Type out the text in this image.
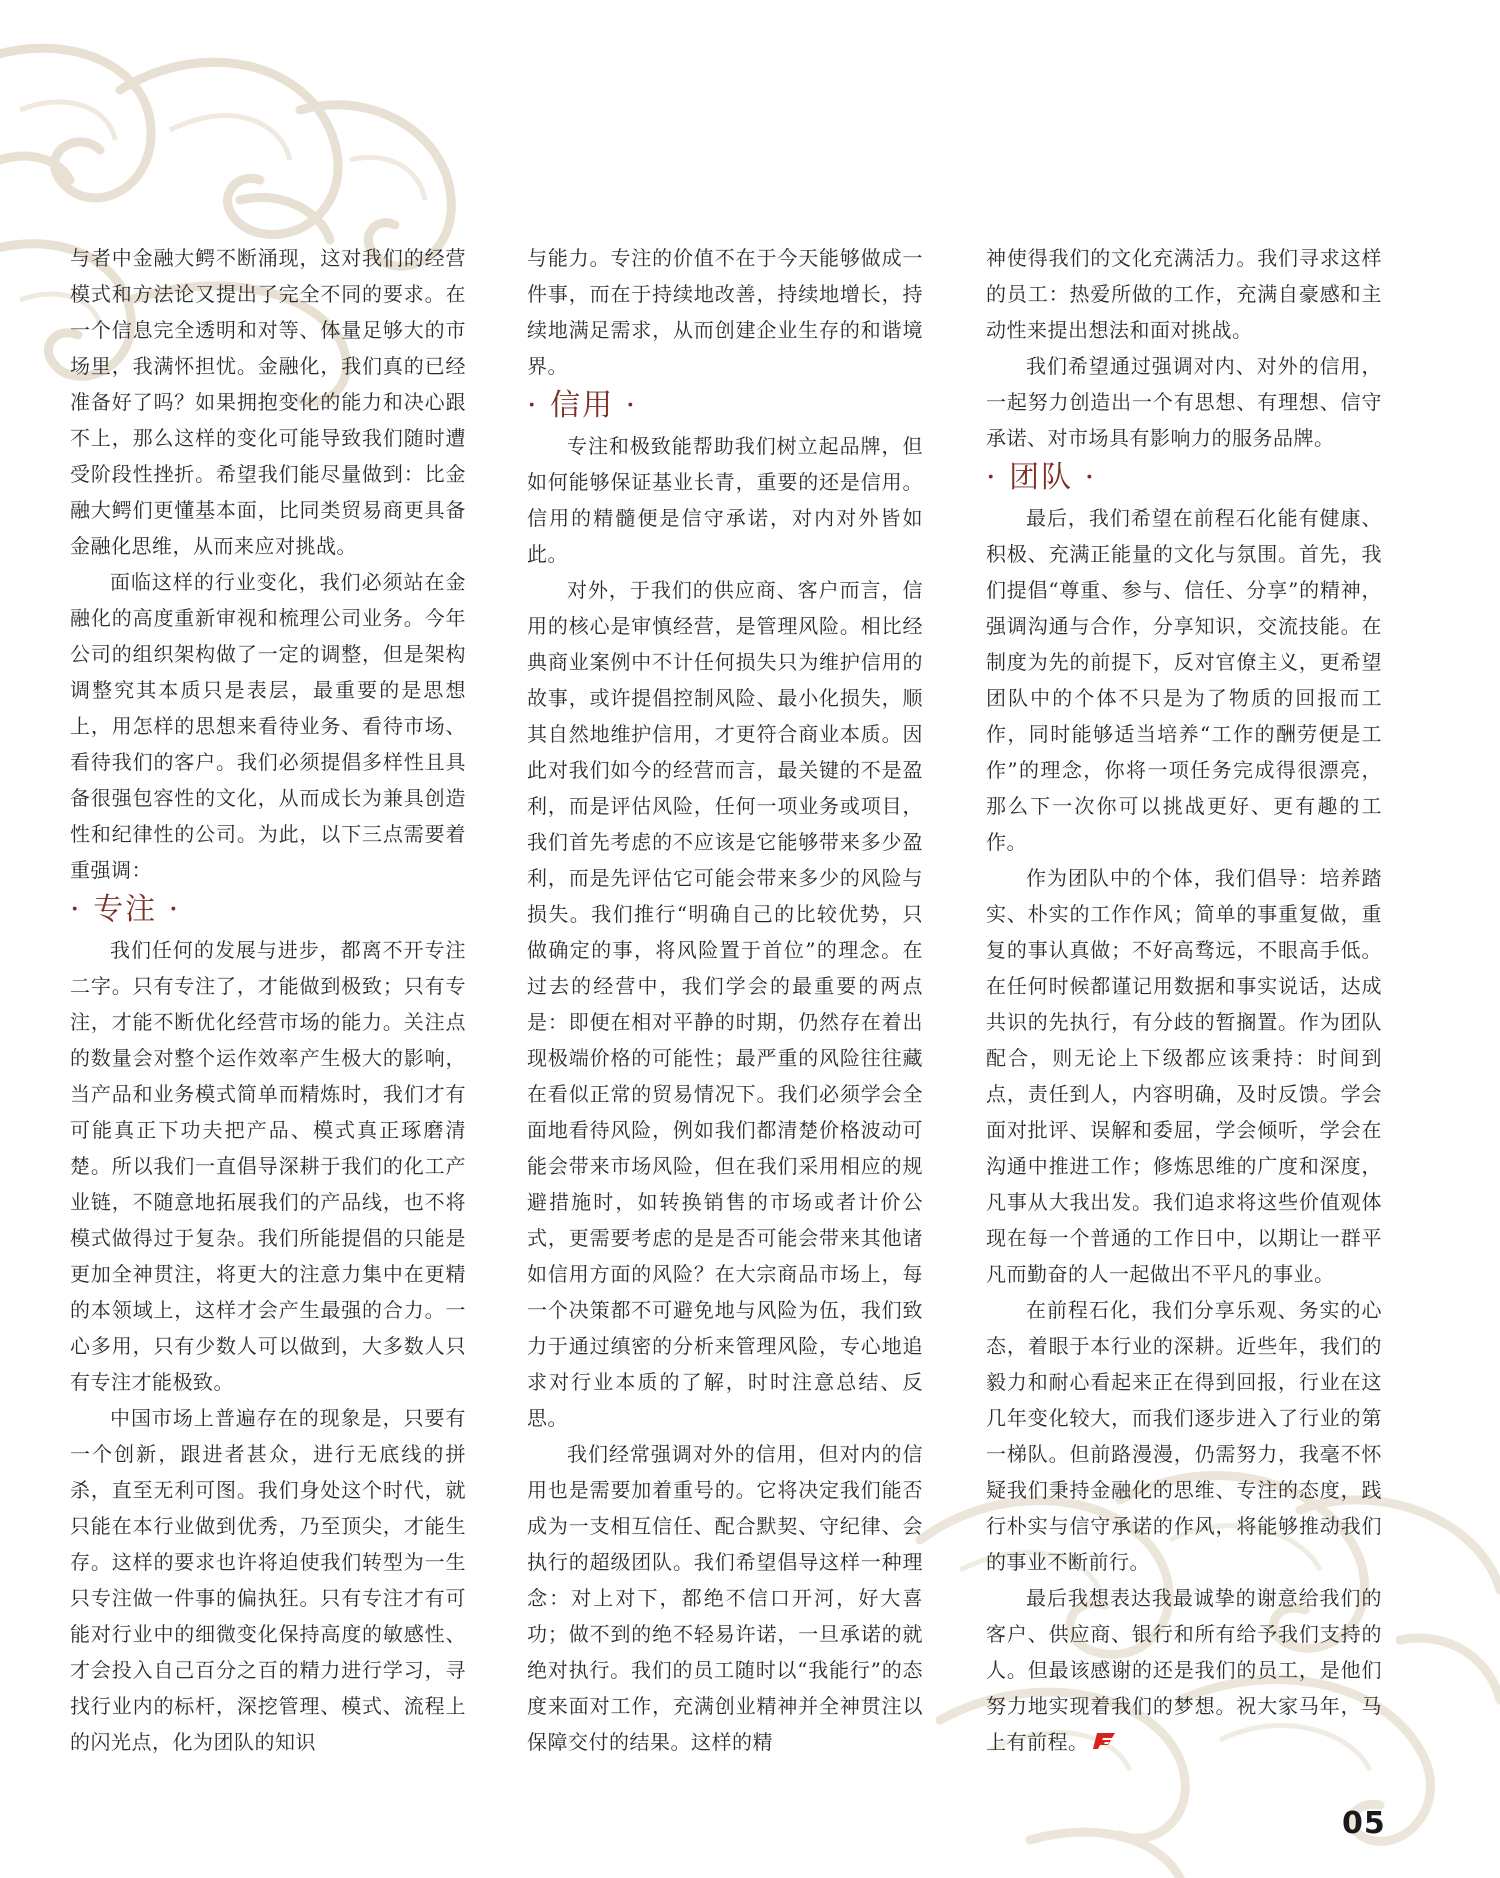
与者中金融大鳄不断涌现，这对我们的经营模式和方法论又提出了完全不同的要求。在一个信息完全透明和对等、体量足够大的市场里，我满怀担忧。金融化，我们真的已经准备好了吗？如果拥抱变化的能力和决心跟不上，那么这样的变化可能导致我们随时遭受阶段性挫折。希望我们能尽量做到：比金融大鳄们更懂基本面，比同类贸易商更具备金融化思维，从而来应对挑战。

面临这样的行业变化，我们必须站在金融化的高度重新审视和梳理公司业务。今年公司的组织架构做了一定的调整，但是架构调整究其本质只是表层，最重要的是思想上，用怎样的思想来看待业务、看待市场、看待我们的客户。我们必须提倡多样性且具备很强包容性的文化，从而成长为兼具创造性和纪律性的公司。为此，以下三点需要着重强调：

· 专注 ·

我们任何的发展与进步，都离不开专注二字。只有专注了，才能做到极致；只有专注，才能不断优化经营市场的能力。关注点的数量会对整个运作效率产生极大的影响，当产品和业务模式简单而精炼时，我们才有可能真正下功夫把产品、模式真正琢磨清楚。所以我们一直倡导深耕于我们的化工产业链，不随意地拓展我们的产品线，也不将模式做得过于复杂。我们所能提倡的只能是更加全神贯注，将更大的注意力集中在更精的本领域上，这样才会产生最强的合力。一心多用，只有少数人可以做到，大多数人只有专注才能极致。

中国市场上普遍存在的现象是，只要有一个创新，跟进者甚众，进行无底线的拼杀，直至无利可图。我们身处这个时代，就只能在本行业做到优秀，乃至顶尖，才能生存。这样的要求也许将迫使我们转型为一生只专注做一件事的偏执狂。只有专注才有可能对行业中的细微变化保持高度的敏感性、才会投入自己百分之百的精力进行学习，寻找行业内的标杆，深挖管理、模式、流程上的闪光点，化为团队的知识

与能力。专注的价值不在于今天能够做成一件事，而在于持续地改善，持续地增长，持续地满足需求，从而创建企业生存的和谐境界。

· 信用 ·

专注和极致能帮助我们树立起品牌，但如何能够保证基业长青，重要的还是信用。信用的精髓便是信守承诺，对内对外皆如此。

对外，于我们的供应商、客户而言，信用的核心是审慎经营，是管理风险。相比经典商业案例中不计任何损失只为维护信用的故事，或许提倡控制风险、最小化损失，顺其自然地维护信用，才更符合商业本质。因此对我们如今的经营而言，最关键的不是盈利，而是评估风险，任何一项业务或项目，我们首先考虑的不应该是它能够带来多少盈利，而是先评估它可能会带来多少的风险与损失。我们推行“明确自己的比较优势，只做确定的事，将风险置于首位”的理念。在过去的经营中，我们学会的最重要的两点是：即便在相对平静的时期，仍然存在着出现极端价格的可能性；最严重的风险往往藏在看似正常的贸易情况下。我们必须学会全面地看待风险，例如我们都清楚价格波动可能会带来市场风险，但在我们采用相应的规避措施时，如转换销售的市场或者计价公式，更需要考虑的是是否可能会带来其他诸如信用方面的风险？在大宗商品市场上，每一个决策都不可避免地与风险为伍，我们致力于通过缜密的分析来管理风险，专心地追求对行业本质的了解，时时注意总结、反思。

我们经常强调对外的信用，但对内的信用也是需要加着重号的。它将决定我们能否成为一支相互信任、配合默契、守纪律、会执行的超级团队。我们希望倡导这样一种理念：对上对下，都绝不信口开河，好大喜功；做不到的绝不轻易许诺，一旦承诺的就绝对执行。我们的员工随时以“我能行”的态度来面对工作，充满创业精神并全神贯注以保障交付的结果。这样的精

神使得我们的文化充满活力。我们寻求这样的员工：热爱所做的工作，充满自豪感和主动性来提出想法和面对挑战。

我们希望通过强调对内、对外的信用，一起努力创造出一个有思想、有理想、信守承诺、对市场具有影响力的服务品牌。

· 团队 ·

最后，我们希望在前程石化能有健康、积极、充满正能量的文化与氛围。首先，我们提倡“尊重、参与、信任、分享”的精神，强调沟通与合作，分享知识，交流技能。在制度为先的前提下，反对官僚主义，更希望团队中的个体不只是为了物质的回报而工作，同时能够适当培养“工作的酬劳便是工作”的理念，你将一项任务完成得很漂亮，那么下一次你可以挑战更好、更有趣的工作。

作为团队中的个体，我们倡导：培养踏实、朴实的工作作风；简单的事重复做，重复的事认真做；不好高骛远，不眼高手低。在任何时候都谨记用数据和事实说话，达成共识的先执行，有分歧的暂搁置。作为团队配合，则无论上下级都应该秉持：时间到点，责任到人，内容明确，及时反馈。学会面对批评、误解和委屈，学会倾听，学会在沟通中推进工作；修炼思维的广度和深度，凡事从大我出发。我们追求将这些价值观体现在每一个普通的工作日中，以期让一群平凡而勤奋的人一起做出不平凡的事业。

在前程石化，我们分享乐观、务实的心态，着眼于本行业的深耕。近些年，我们的毅力和耐心看起来正在得到回报，行业在这几年变化较大，而我们逐步进入了行业的第一梯队。但前路漫漫，仍需努力，我毫不怀疑我们秉持金融化的思维、专注的态度，践行朴实与信守承诺的作风，将能够推动我们的事业不断前行。

最后我想表达我最诚挚的谢意给我们的客户、供应商、银行和所有给予我们支持的人。但最该感谢的还是我们的员工，是他们努力地实现着我们的梦想。祝大家马年，马上有前程。

05
